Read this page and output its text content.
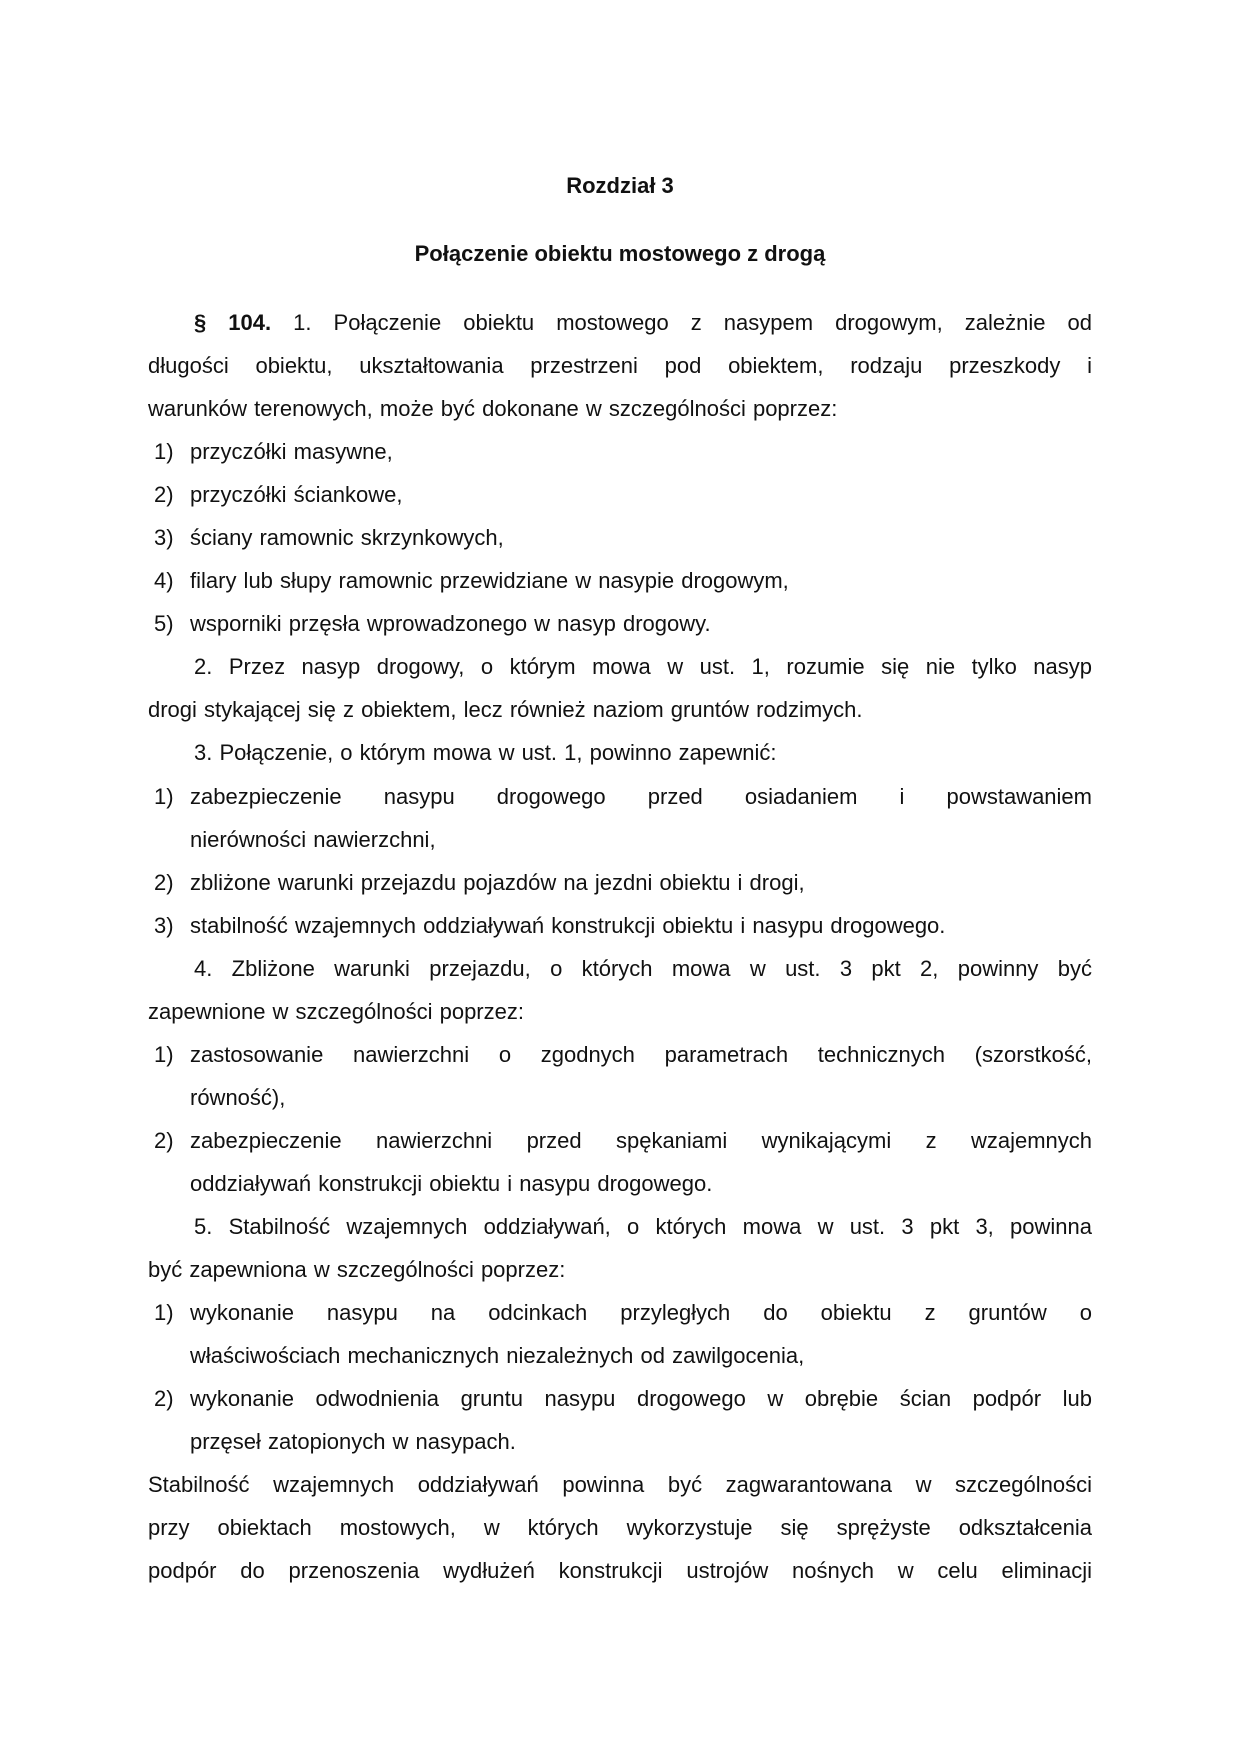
Rozdział 3
Połączenie obiektu mostowego z drogą
§ 104. 1. Połączenie obiektu mostowego z nasypem drogowym, zależnie od
długości obiektu, ukształtowania przestrzeni pod obiektem, rodzaju przeszkody i
warunków terenowych, może być dokonane w szczególności poprzez:
1) przyczółki masywne,
2) przyczółki ściankowe,
3) ściany ramownic skrzynkowych,
4) filary lub słupy ramownic przewidziane w nasypie drogowym,
5) wsporniki przęsła wprowadzonego w nasyp drogowy.
2. Przez nasyp drogowy, o którym mowa w ust. 1, rozumie się nie tylko nasyp
drogi stykającej się z obiektem, lecz również naziom gruntów rodzimych.
3. Połączenie, o którym mowa w ust. 1, powinno zapewnić:
1) zabezpieczenie nasypu drogowego przed osiadaniem i powstawaniem
nierówności nawierzchni,
2) zbliżone warunki przejazdu pojazdów na jezdni obiektu i drogi,
3) stabilność wzajemnych oddziaływań konstrukcji obiektu i nasypu drogowego.
4. Zbliżone warunki przejazdu, o których mowa w ust. 3 pkt 2, powinny być
zapewnione w szczególności poprzez:
1) zastosowanie nawierzchni o zgodnych parametrach technicznych (szorstkość,
równość),
2) zabezpieczenie nawierzchni przed spękaniami wynikającymi z wzajemnych
oddziaływań konstrukcji obiektu i nasypu drogowego.
5. Stabilność wzajemnych oddziaływań, o których mowa w ust. 3 pkt 3, powinna
być zapewniona w szczególności poprzez:
1) wykonanie nasypu na odcinkach przyległych do obiektu z gruntów o
właściwościach mechanicznych niezależnych od zawilgocenia,
2) wykonanie odwodnienia gruntu nasypu drogowego w obrębie ścian podpór lub
przęseł zatopionych w nasypach.
Stabilność wzajemnych oddziaływań powinna być zagwarantowana w szczególności
przy obiektach mostowych, w których wykorzystuje się sprężyste odkształcenia
podpór do przenoszenia wydłużeń konstrukcji ustrojów nośnych w celu eliminacji
